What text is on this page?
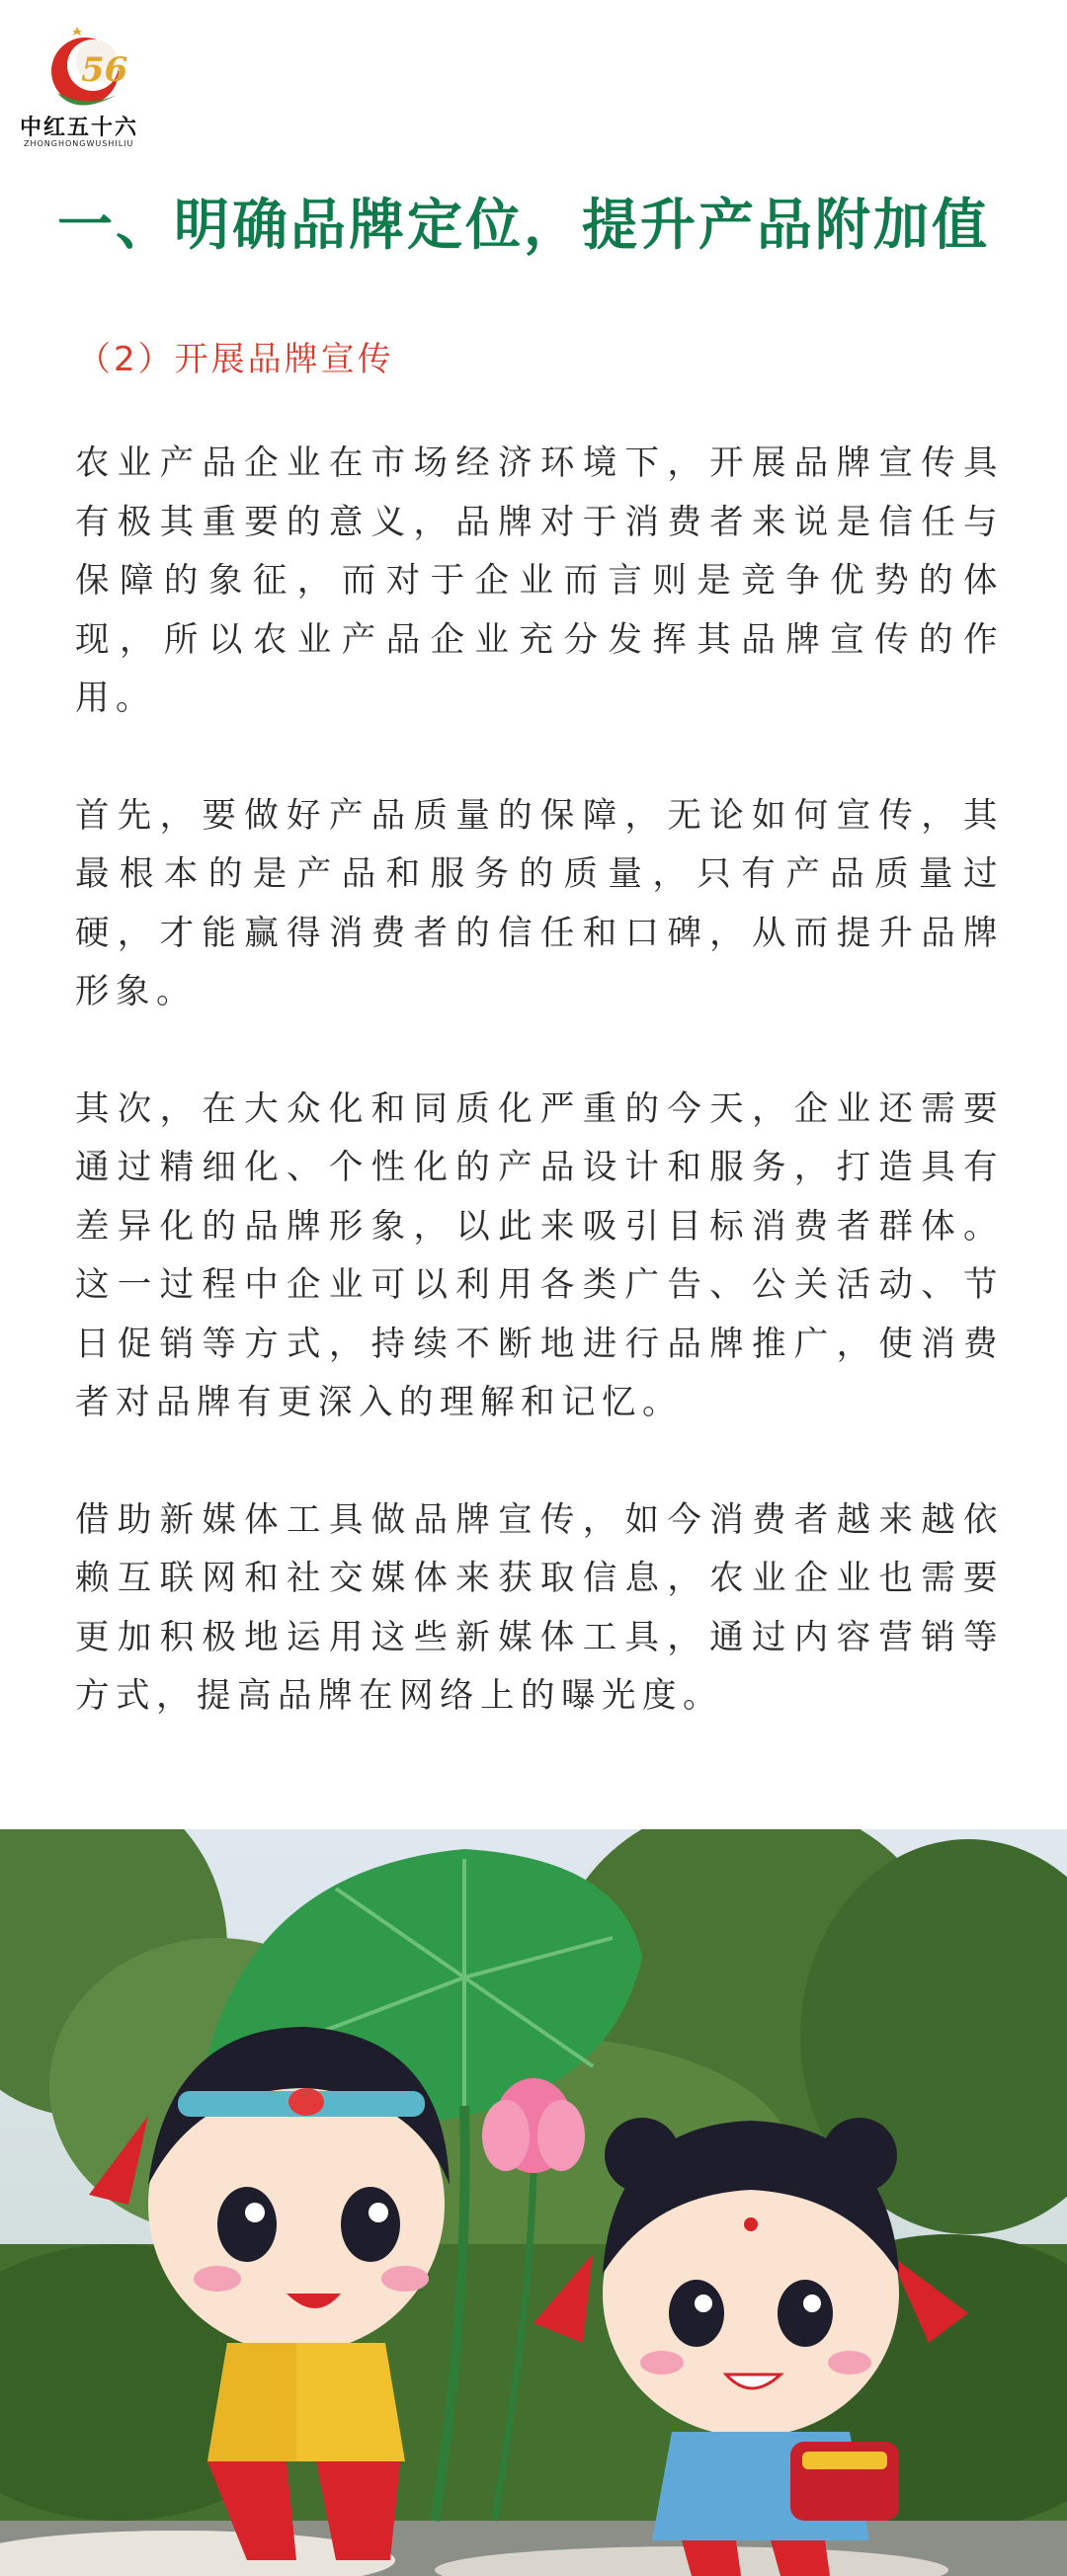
56
中红五十六
ZHONGHONGWUSHILIU
一、明确品牌定位，提升产品附加值
（2）开展品牌宣传

农业产品企业在市场经济环境下，开展品牌宣传具有极其重要的意义，品牌对于消费者来说是信任与保障的象征，而对于企业而言则是竞争优势的体现，所以农业产品企业充分发挥其品牌宣传的作用。

首先，要做好产品质量的保障，无论如何宣传，其最根本的是产品和服务的质量，只有产品质量过硬，才能赢得消费者的信任和口碑，从而提升品牌形象。

其次，在大众化和同质化严重的今天，企业还需要通过精细化、个性化的产品设计和服务，打造具有差异化的品牌形象，以此来吸引目标消费者群体。这一过程中企业可以利用各类广告、公关活动、节日促销等方式，持续不断地进行品牌推广，使消费者对品牌有更深入的理解和记忆。

借助新媒体工具做品牌宣传，如今消费者越来越依赖互联网和社交媒体来获取信息，农业企业也需要更加积极地运用这些新媒体工具，通过内容营销等方式，提高品牌在网络上的曝光度。
